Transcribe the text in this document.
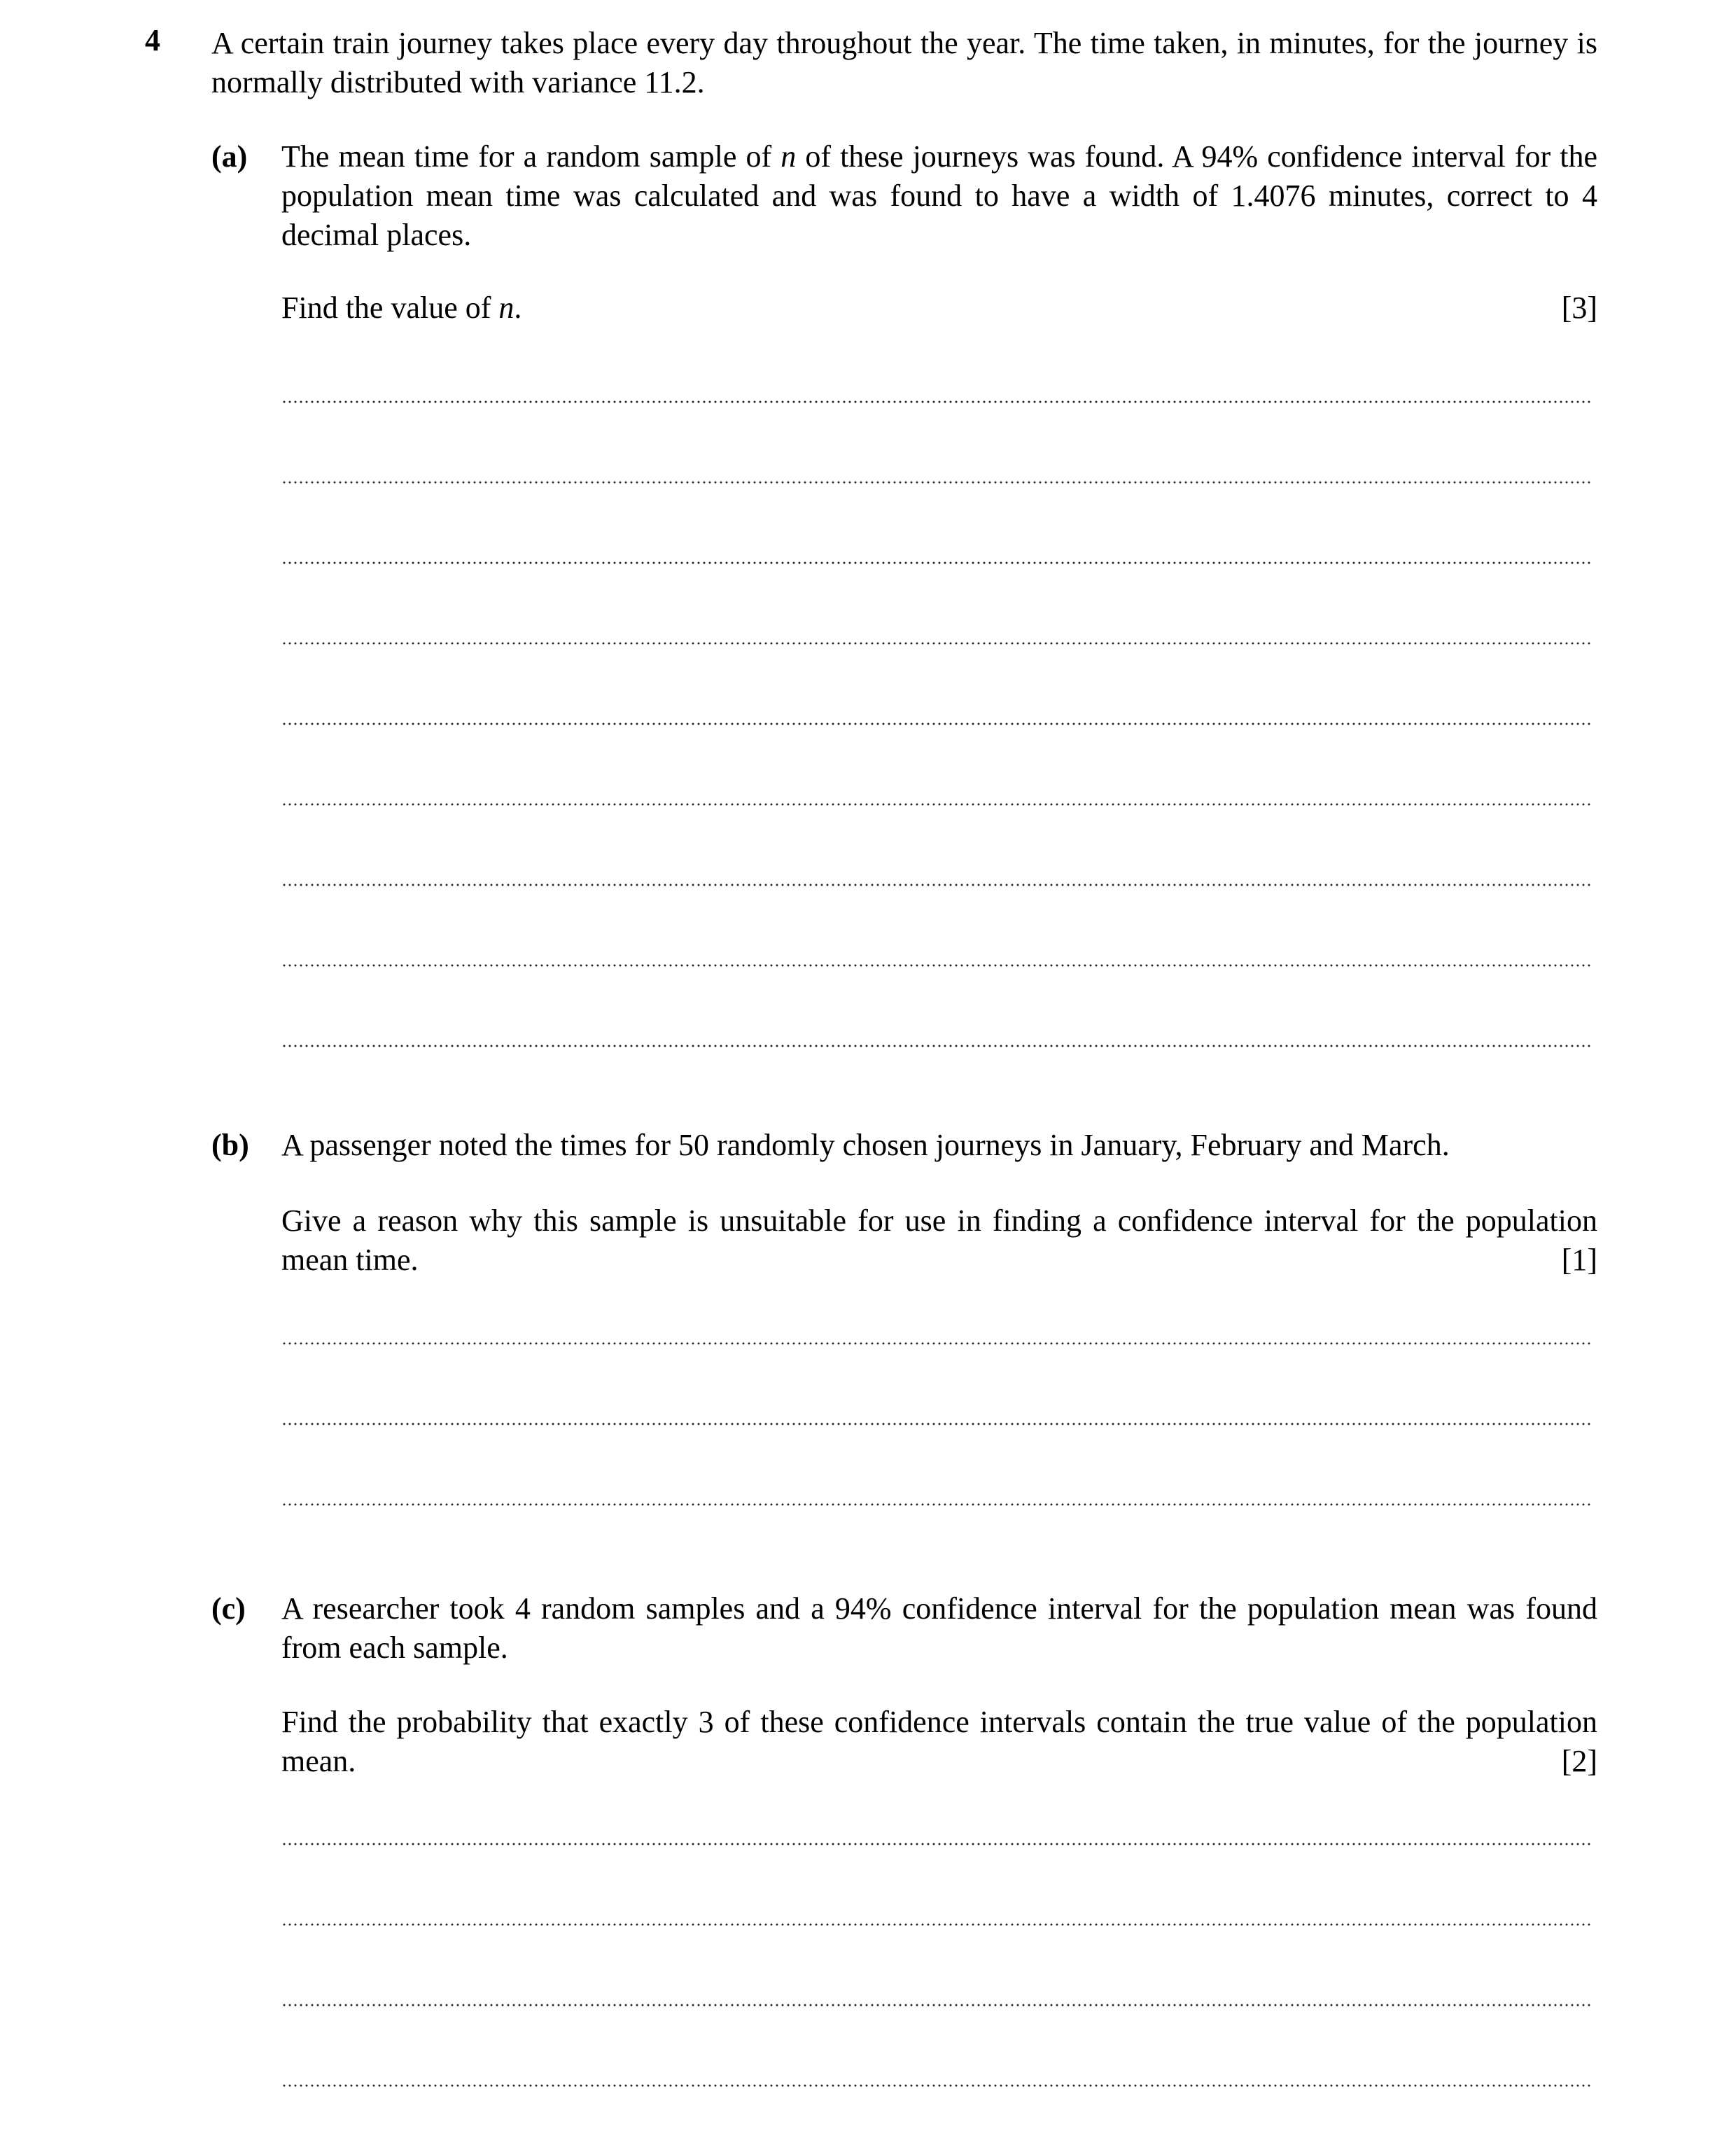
4 A certain train journey takes place every day throughout the year. The time taken, in minutes, for the journey is normally distributed with variance 11.2.
(a) The mean time for a random sample of n of these journeys was found. A 94% confidence interval for the population mean time was calculated and was found to have a width of 1.4076 minutes, correct to 4 decimal places.
Find the value of n.	[3]
(b) A passenger noted the times for 50 randomly chosen journeys in January, February and March.
Give a reason why this sample is unsuitable for use in finding a confidence interval for the population mean time.	[1]
(c) A researcher took 4 random samples and a 94% confidence interval for the population mean was found from each sample.
Find the probability that exactly 3 of these confidence intervals contain the true value of the population mean.	[2]
